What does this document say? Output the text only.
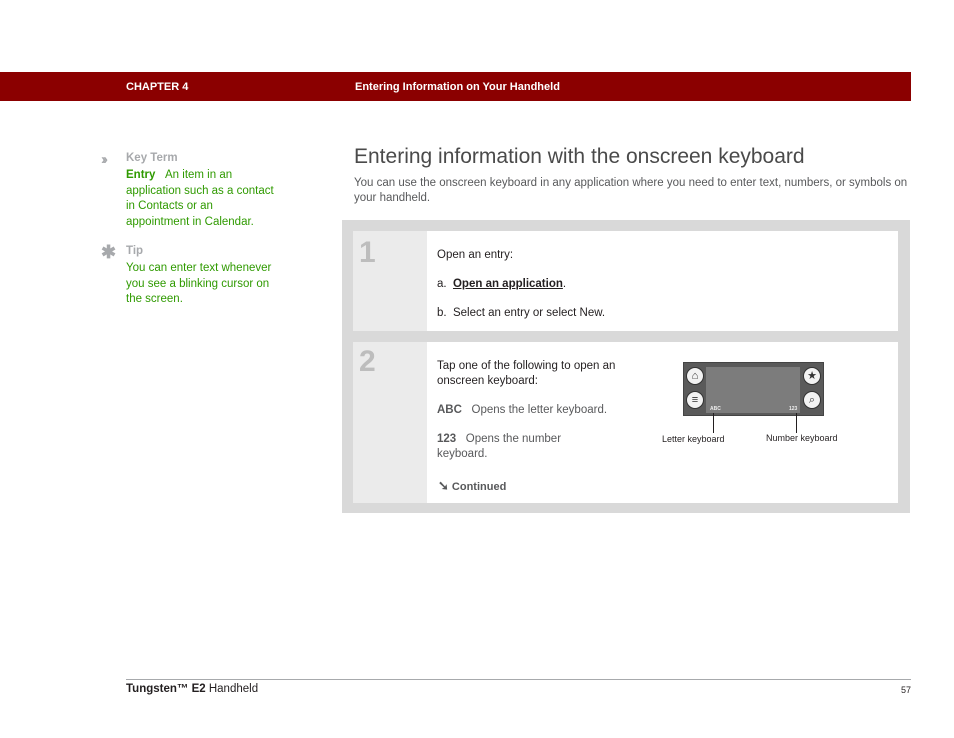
CHAPTER 4	Entering Information on Your Handheld
›› Key Term
Entry An item in an application such as a contact in Contacts or an appointment in Calendar.
✱ Tip
You can enter text whenever you see a blinking cursor on the screen.
Entering information with the onscreen keyboard
You can use the onscreen keyboard in any application where you need to enter text, numbers, or symbols on your handheld.
1	Open an entry:
a. Open an application.
b. Select an entry or select New.
2	Tap one of the following to open an onscreen keyboard:
ABC Opens the letter keyboard.
123 Opens the number keyboard.
➘ Continued
⌂
≡
★
⌕
ABC	123
Letter keyboard	Number keyboard
Tungsten™ E2 Handheld	57
